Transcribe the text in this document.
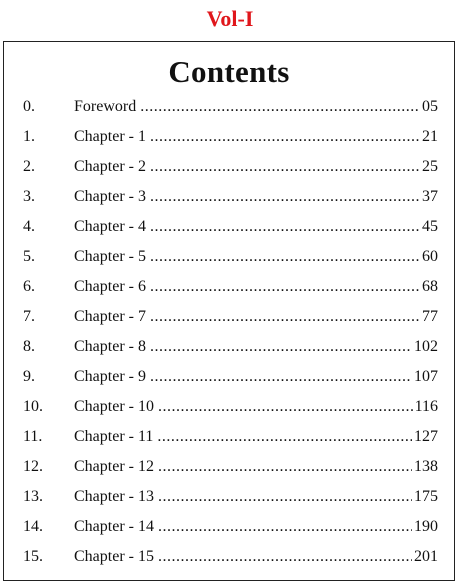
Vol-I
Contents
0.	Foreword .....	05
1.	Chapter - 1 .....	21
2.	Chapter - 2 .....	25
3.	Chapter - 3 .....	37
4.	Chapter - 4 .....	45
5.	Chapter - 5 .....	60
6.	Chapter - 6 .....	68
7.	Chapter - 7 .....	77
8.	Chapter - 8 .....	102
9.	Chapter - 9 .....	107
10.	Chapter - 10 .....	116
11.	Chapter - 11 .....	127
12.	Chapter - 12 .....	138
13.	Chapter - 13 .....	175
14.	Chapter - 14 .....	190
15.	Chapter - 15 .....	201
